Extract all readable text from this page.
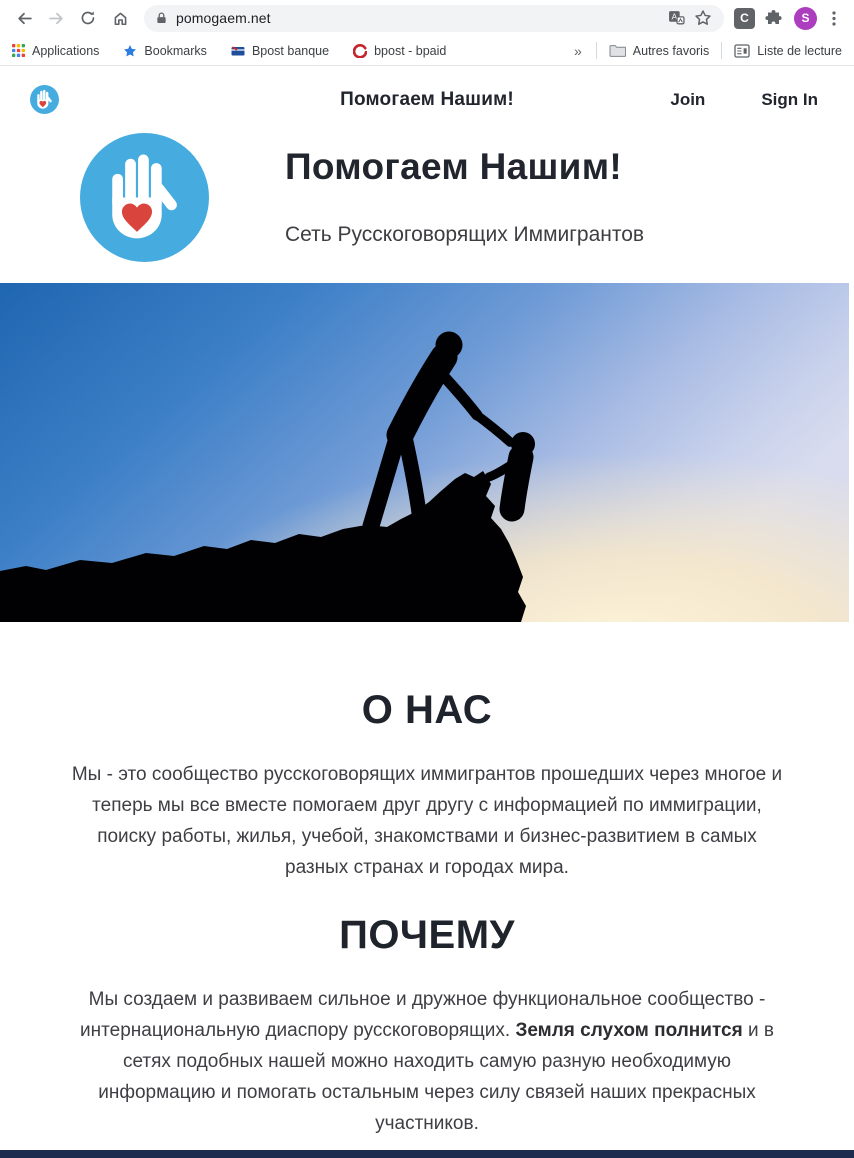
pomogaem.net	A	C	S
Applications	Bookmarks	Bpost banque	bpost - bpaid	»	Autres favoris	Liste de lecture
Помогаем Нашим!	Join	Sign In
Помогаем Нашим!

Сеть Русскоговорящих Иммигрантов

О НАС

Мы - это сообщество русскоговорящих иммигрантов прошедших через многое и теперь мы все вместе помогаем друг другу с информацией по иммиграции, поиску работы, жилья, учебой, знакомствами и бизнес-развитием в самых разных странах и городах мира.

ПОЧЕМУ

Мы создаем и развиваем сильное и дружное функциональное сообщество - интернациональную диаспору русскоговорящих. Земля слухом полнится и в сетях подобных нашей можно находить самую разную необходимую информацию и помогать остальным через силу связей наших прекрасных участников.
